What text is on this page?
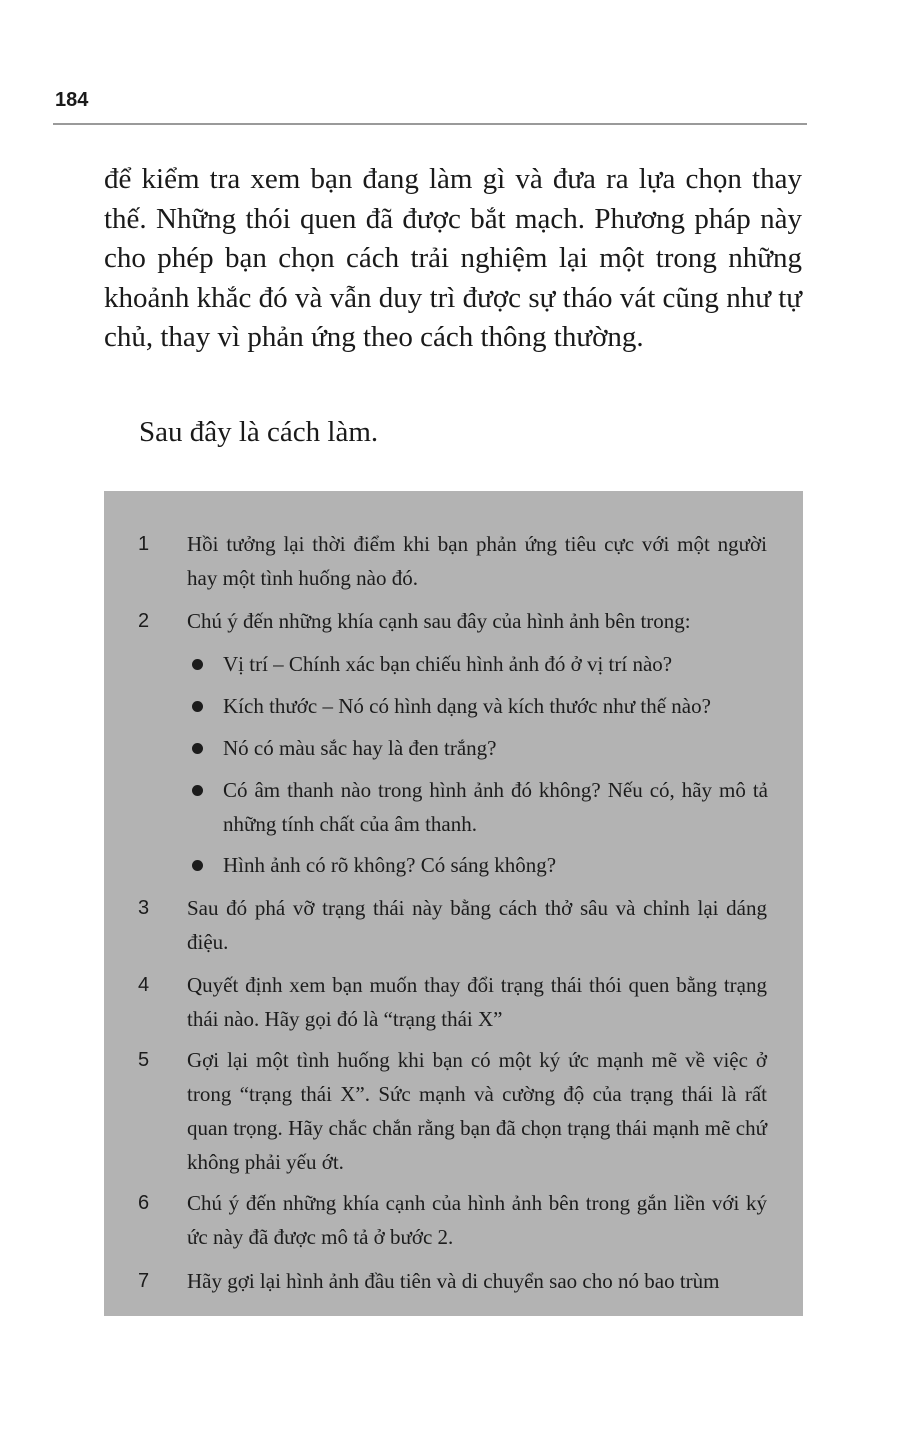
184

để kiểm tra xem bạn đang làm gì và đưa ra lựa chọn thay thế. Những thói quen đã được bắt mạch. Phương pháp này cho phép bạn chọn cách trải nghiệm lại một trong những khoảnh khắc đó và vẫn duy trì được sự tháo vát cũng như tự chủ, thay vì phản ứng theo cách thông thường.

Sau đây là cách làm.

1	Hồi tưởng lại thời điểm khi bạn phản ứng tiêu cực với một người hay một tình huống nào đó.
2	Chú ý đến những khía cạnh sau đây của hình ảnh bên trong:
Vị trí – Chính xác bạn chiếu hình ảnh đó ở vị trí nào?
Kích thước – Nó có hình dạng và kích thước như thế nào?
Nó có màu sắc hay là đen trắng?
Có âm thanh nào trong hình ảnh đó không? Nếu có, hãy mô tả những tính chất của âm thanh.
Hình ảnh có rõ không? Có sáng không?
3	Sau đó phá vỡ trạng thái này bằng cách thở sâu và chỉnh lại dáng điệu.
4	Quyết định xem bạn muốn thay đổi trạng thái thói quen bằng trạng thái nào. Hãy gọi đó là “trạng thái X”
5	Gợi lại một tình huống khi bạn có một ký ức mạnh mẽ về việc ở trong “trạng thái X”. Sức mạnh và cường độ của trạng thái là rất quan trọng. Hãy chắc chắn rằng bạn đã chọn trạng thái mạnh mẽ chứ không phải yếu ớt.
6	Chú ý đến những khía cạnh của hình ảnh bên trong gắn liền với ký ức này đã được mô tả ở bước 2.
7	Hãy gợi lại hình ảnh đầu tiên và di chuyển sao cho nó bao trùm
